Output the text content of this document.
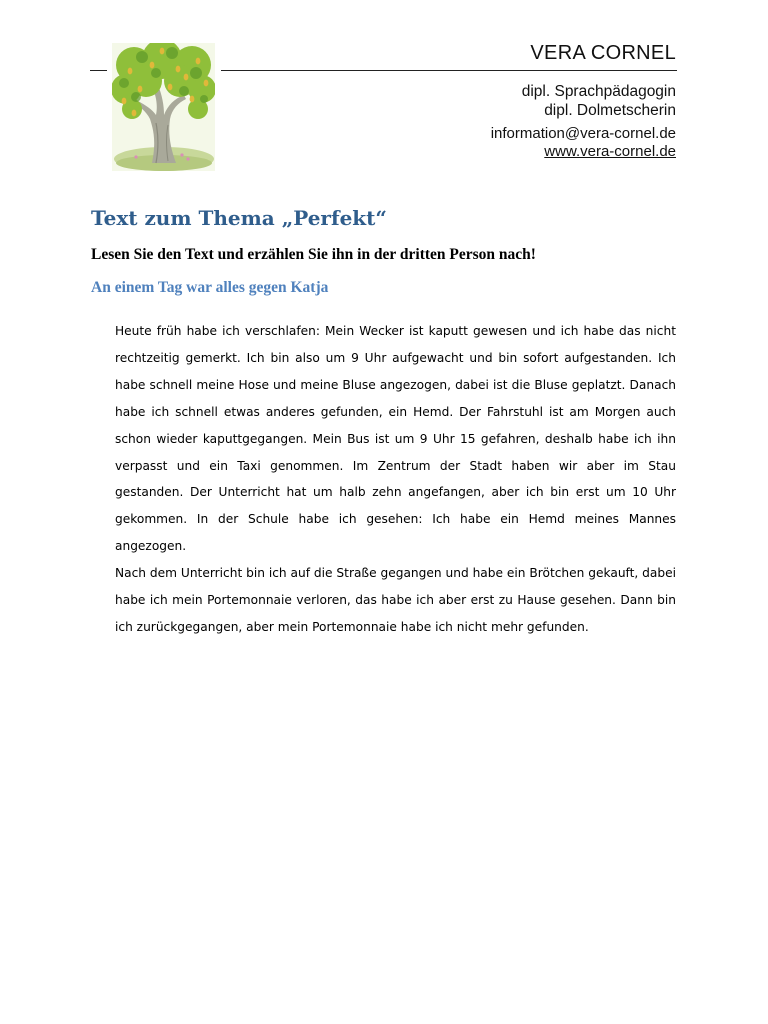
VERA CORNEL
dipl. Sprachpädagogin
dipl. Dolmetscherin
information@vera-cornel.de
www.vera-cornel.de
Text zum Thema „Perfekt“

Lesen Sie den Text und erzählen Sie ihn in der dritten Person nach!

An einem Tag war alles gegen Katja

Heute früh habe ich verschlafen: Mein Wecker ist kaputt gewesen und ich habe das nicht rechtzeitig gemerkt. Ich bin also um 9 Uhr aufgewacht und bin sofort aufgestanden. Ich habe schnell meine Hose und meine Bluse angezogen, dabei ist die Bluse geplatzt. Danach habe ich schnell etwas anderes gefunden, ein Hemd. Der Fahrstuhl ist am Morgen auch schon wieder kaputtgegangen. Mein Bus ist um 9 Uhr 15 gefahren, deshalb habe ich ihn verpasst und ein Taxi genommen. Im Zentrum der Stadt haben wir aber im Stau gestanden. Der Unterricht hat um halb zehn angefangen, aber ich bin erst um 10 Uhr gekommen. In der Schule habe ich gesehen: Ich habe ein Hemd meines Mannes angezogen.

Nach dem Unterricht bin ich auf die Straße gegangen und habe ein Brötchen gekauft, dabei habe ich mein Portemonnaie verloren, das habe ich aber erst zu Hause gesehen. Dann bin ich zurückgegangen, aber mein Portemonnaie habe ich nicht mehr gefunden.
